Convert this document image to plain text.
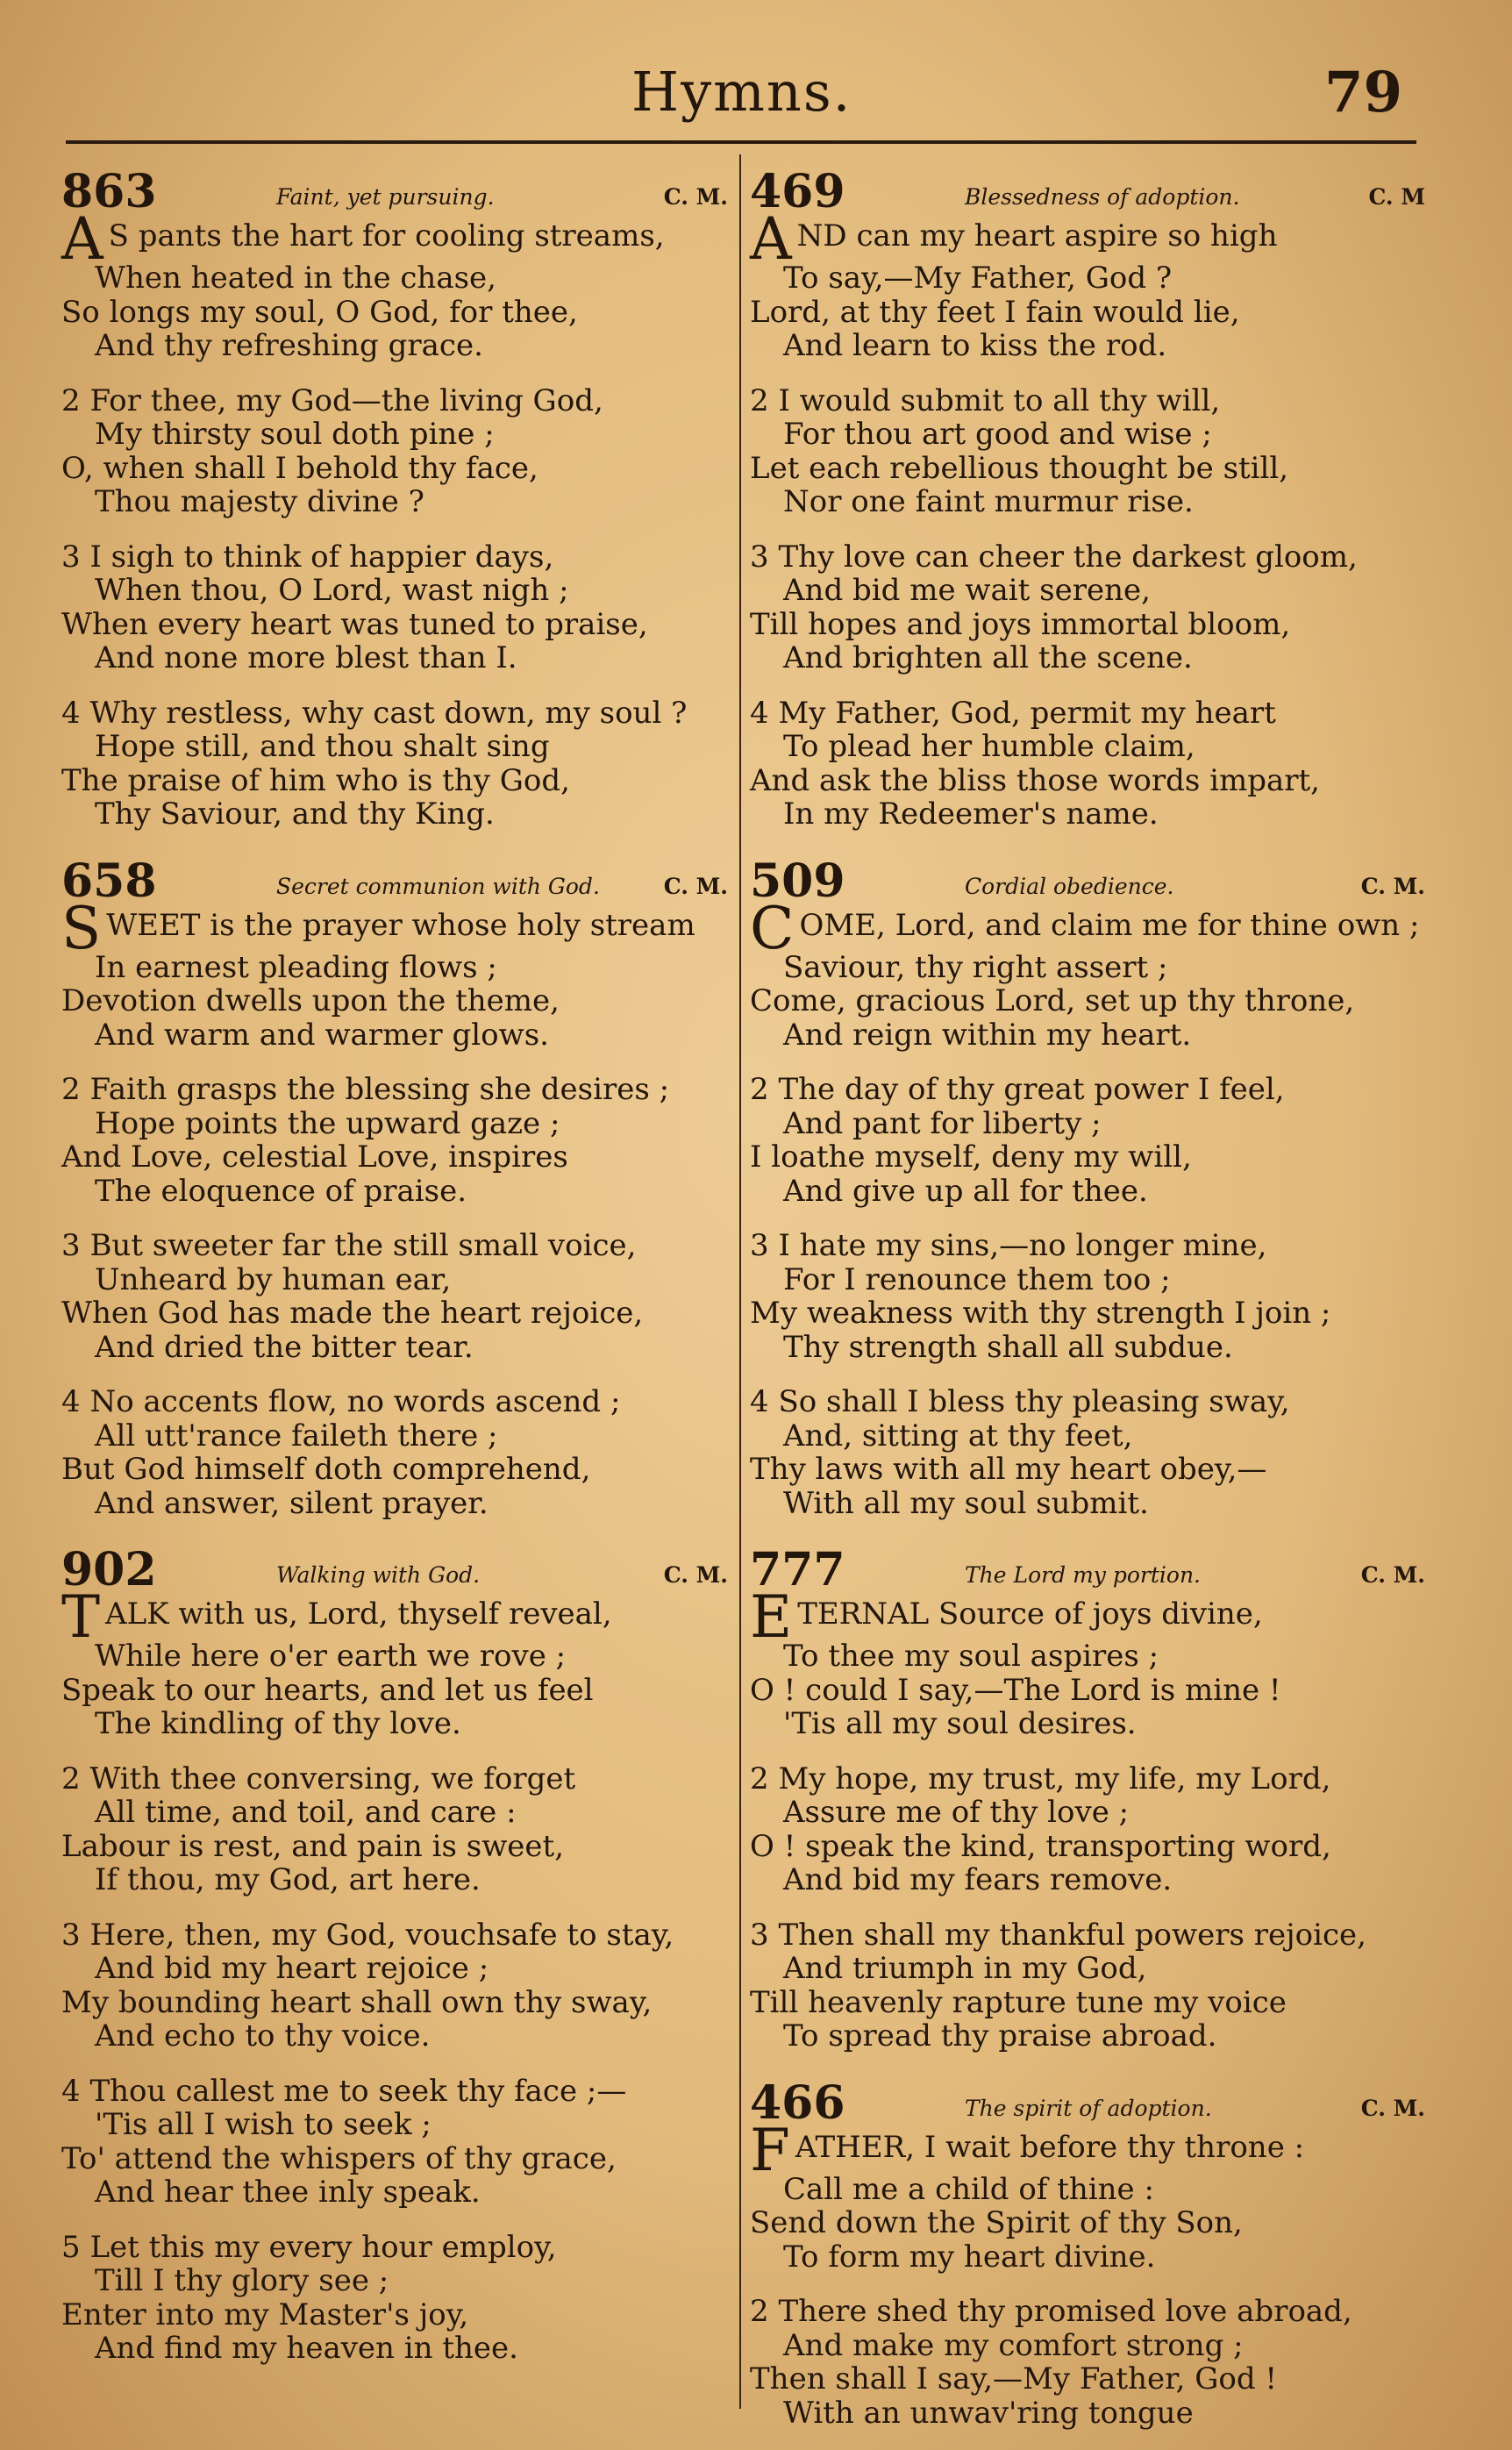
Hymns.	79
863	Faint, yet pursuing.	C. M.
A S pants the hart for cooling streams,
When heated in the chase,
So longs my soul, O God, for thee,
And thy refreshing grace.
2 For thee, my God—the living God,
My thirsty soul doth pine ;
O, when shall I behold thy face,
Thou majesty divine ?
3 I sigh to think of happier days,
When thou, O Lord, wast nigh ;
When every heart was tuned to praise,
And none more blest than I.
4 Why restless, why cast down, my soul ?
Hope still, and thou shalt sing
The praise of him who is thy God,
Thy Saviour, and thy King.
658	Secret communion with God.	C. M.
SWEET is the prayer whose holy stream
In earnest pleading flows ;
Devotion dwells upon the theme,
And warm and warmer glows.
2 Faith grasps the blessing she desires ;
Hope points the upward gaze ;
And Love, celestial Love, inspires
The eloquence of praise.
3 But sweeter far the still small voice,
Unheard by human ear,
When God has made the heart rejoice,
And dried the bitter tear.
4 No accents flow, no words ascend ;
All utt'rance faileth there ;
But God himself doth comprehend,
And answer, silent prayer.
902	Walking with God.	C. M.
TALK with us, Lord, thyself reveal,
While here o'er earth we rove ;
Speak to our hearts, and let us feel
The kindling of thy love.
2 With thee conversing, we forget
All time, and toil, and care :
Labour is rest, and pain is sweet,
If thou, my God, art here.
3 Here, then, my God, vouchsafe to stay,
And bid my heart rejoice ;
My bounding heart shall own thy sway,
And echo to thy voice.
4 Thou callest me to seek thy face ;—
'Tis all I wish to seek ;
To' attend the whispers of thy grace,
And hear thee inly speak.
5 Let this my every hour employ,
Till I thy glory see ;
Enter into my Master's joy,
And find my heaven in thee.
469	Blessedness of adoption.	C. M
AND can my heart aspire so high
To say,—My Father, God ?
Lord, at thy feet I fain would lie,
And learn to kiss the rod.
2 I would submit to all thy will,
For thou art good and wise ;
Let each rebellious thought be still,
Nor one faint murmur rise.
3 Thy love can cheer the darkest gloom,
And bid me wait serene,
Till hopes and joys immortal bloom,
And brighten all the scene.
4 My Father, God, permit my heart
To plead her humble claim,
And ask the bliss those words impart,
In my Redeemer's name.
509	Cordial obedience.	C. M.
COME, Lord, and claim me for thine own ;
Saviour, thy right assert ;
Come, gracious Lord, set up thy throne,
And reign within my heart.
2 The day of thy great power I feel,
And pant for liberty ;
I loathe myself, deny my will,
And give up all for thee.
3 I hate my sins,—no longer mine,
For I renounce them too ;
My weakness with thy strength I join ;
Thy strength shall all subdue.
4 So shall I bless thy pleasing sway,
And, sitting at thy feet,
Thy laws with all my heart obey,—
With all my soul submit.
777	The Lord my portion.	C. M.
ETERNAL Source of joys divine,
To thee my soul aspires ;
O ! could I say,—The Lord is mine !
'Tis all my soul desires.
2 My hope, my trust, my life, my Lord,
Assure me of thy love ;
O ! speak the kind, transporting word,
And bid my fears remove.
3 Then shall my thankful powers rejoice,
And triumph in my God,
Till heavenly rapture tune my voice
To spread thy praise abroad.
466	The spirit of adoption.	C. M.
FATHER, I wait before thy throne :
Call me a child of thine :
Send down the Spirit of thy Son,
To form my heart divine.
2 There shed thy promised love abroad,
And make my comfort strong ;
Then shall I say,—My Father, God !
With an unwav'ring tongue
